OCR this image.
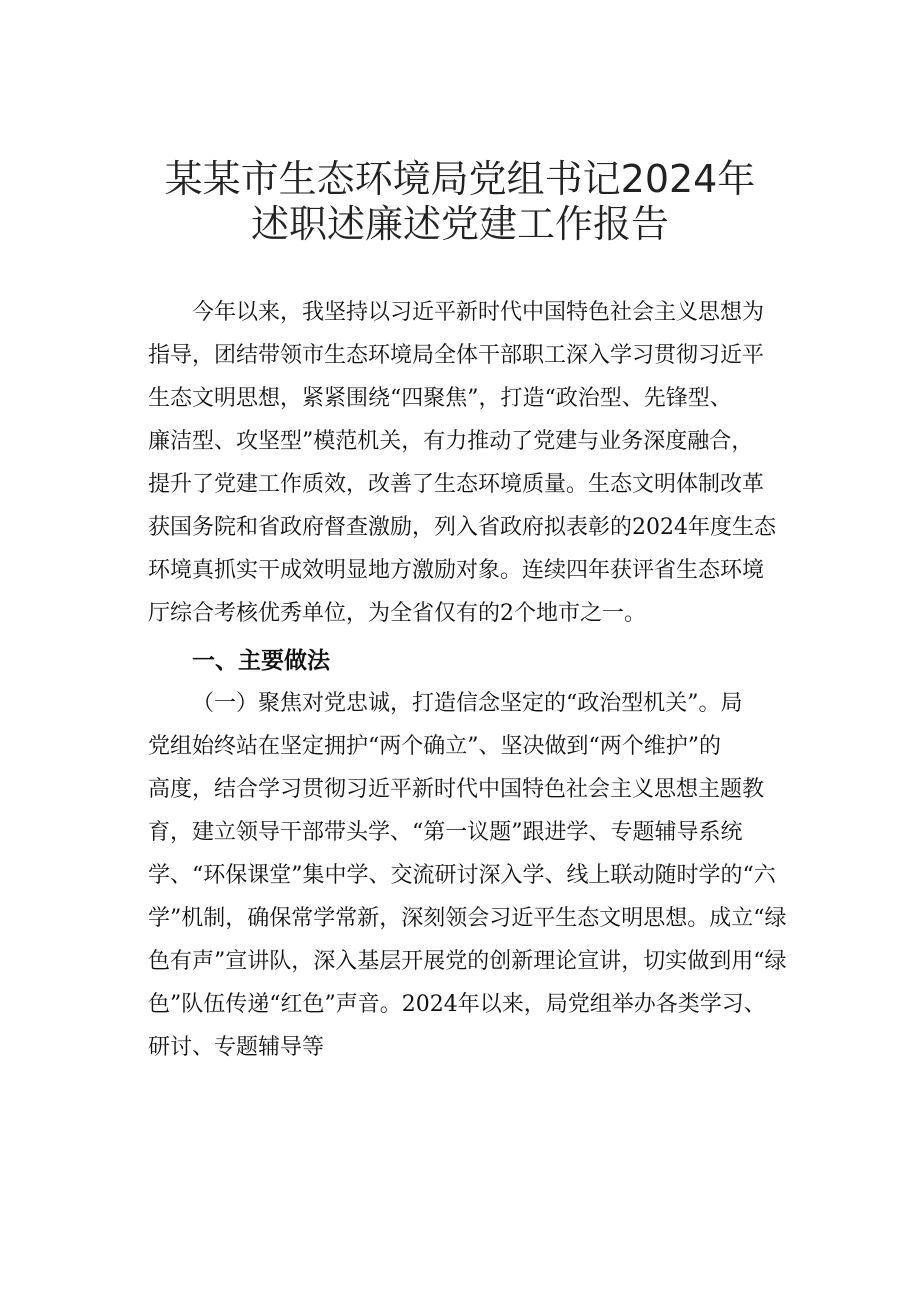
某某市生态环境局党组书记2024年
述职述廉述党建工作报告
今年以来，我坚持以习近平新时代中国特色社会主义思想为
指导，团结带领市生态环境局全体干部职工深入学习贯彻习近平
生态文明思想，紧紧围绕“四聚焦”，打造“政治型、先锋型、
廉洁型、攻坚型”模范机关，有力推动了党建与业务深度融合，
提升了党建工作质效，改善了生态环境质量。生态文明体制改革
获国务院和省政府督查激励，列入省政府拟表彰的2024年度生态
环境真抓实干成效明显地方激励对象。连续四年获评省生态环境
厅综合考核优秀单位，为全省仅有的2个地市之一。
一、主要做法
（一）聚焦对党忠诚，打造信念坚定的“政治型机关”。局
党组始终站在坚定拥护“两个确立”、坚决做到“两个维护”的
高度，结合学习贯彻习近平新时代中国特色社会主义思想主题教
育，建立领导干部带头学、“第一议题”跟进学、专题辅导系统
学、“环保课堂”集中学、交流研讨深入学、线上联动随时学的“六
学”机制，确保常学常新，深刻领会习近平生态文明思想。成立“绿
色有声”宣讲队，深入基层开展党的创新理论宣讲，切实做到用“绿
色”队伍传递“红色”声音。2024年以来，局党组举办各类学习、
研讨、专题辅导等
